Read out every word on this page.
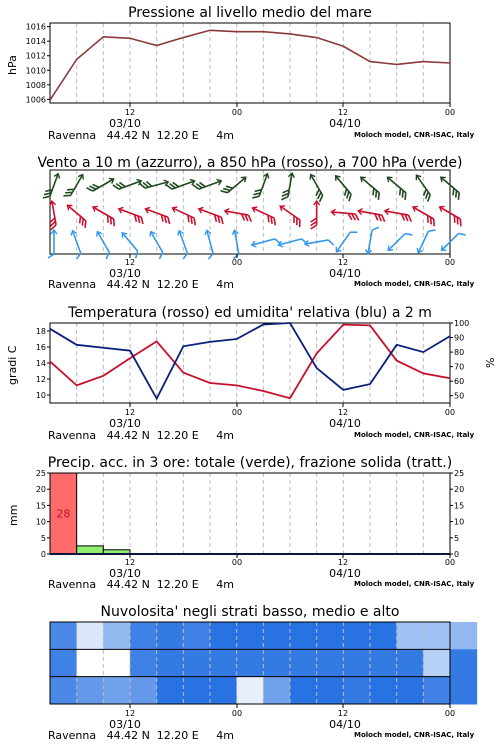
Pressione al livello medio del mare
hPa
1006
1008
1010
1012
1014
1016
12	00	12	00
03/10	04/10
Ravenna   44.42 N  12.20 E     4m	Moloch model, CNR-ISAC, Italy
Vento a 10 m (azzurro), a 850 hPa (rosso), a 700 hPa (verde)
12	00	12	00
03/10	04/10
Ravenna   44.42 N  12.20 E     4m	Moloch model, CNR-ISAC, Italy
Temperatura (rosso) ed umidita' relativa (blu) a 2 m
gradi C	%
10
12
14
16
18
50
60
70
80
90
100
12	00	12	00
03/10	04/10
Ravenna   44.42 N  12.20 E     4m	Moloch model, CNR-ISAC, Italy
Precip. acc. in 3 ore: totale (verde), frazione solida (tratt.)
mm	28
0
5
10
15
20
25
0
5
10
15
20
25
12	00	12	00
03/10	04/10
Ravenna   44.42 N  12.20 E     4m	Moloch model, CNR-ISAC, Italy
Nuvolosita' negli strati basso, medio e alto
12	00	12	00
03/10	04/10
Ravenna   44.42 N  12.20 E     4m	Moloch model, CNR-ISAC, Italy
